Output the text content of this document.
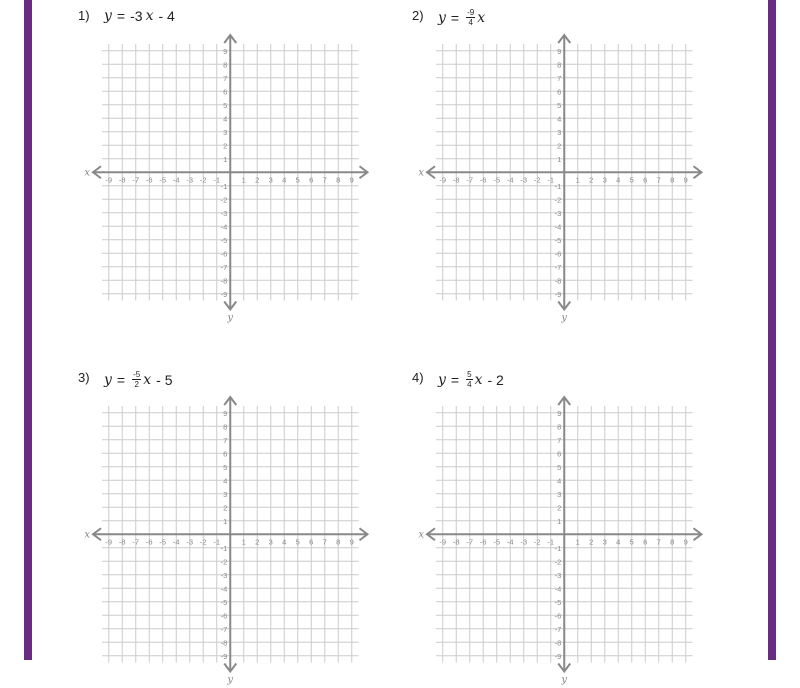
1) y = -3 x - 4
-9 -8 -7 -6 -5 -4 -3 -2 -1	1 2 3 4 5 6 7 8 9
9
8
7
6
5
4
3
2
1
-1
-2
-3
-4
-5
-6
-7
-8
-9
x
y
2) $y = \frac{-9}{4}$ x
-9 -8 -7 -6 -5 -4 -3 -2 -1	1 2 3 4 5 6 7 8 9
9
8
7
6
5
4
3
2
1
-1
-2
-3
-4
-5
-6
-7
-8
-9
x
y
3) $y = \frac{-5}{2}$ x - 5
-9 -8 -7 -6 -5 -4 -3 -2 -1	1 2 3 4 5 6 7 8 9
9
8
7
6
5
4
3
2
1
-1
-2
-3
-4
-5
-6
-7
-8
-9
x
y
4) $y = \frac{5}{4}$ x - 2
-9 -8 -7 -6 -5 -4 -3 -2 -1	1 2 3 4 5 6 7 8 9
9
8
7
6
5
4
3
2
1
-1
-2
-3
-4
-5
-6
-7
-8
-9
x
y
